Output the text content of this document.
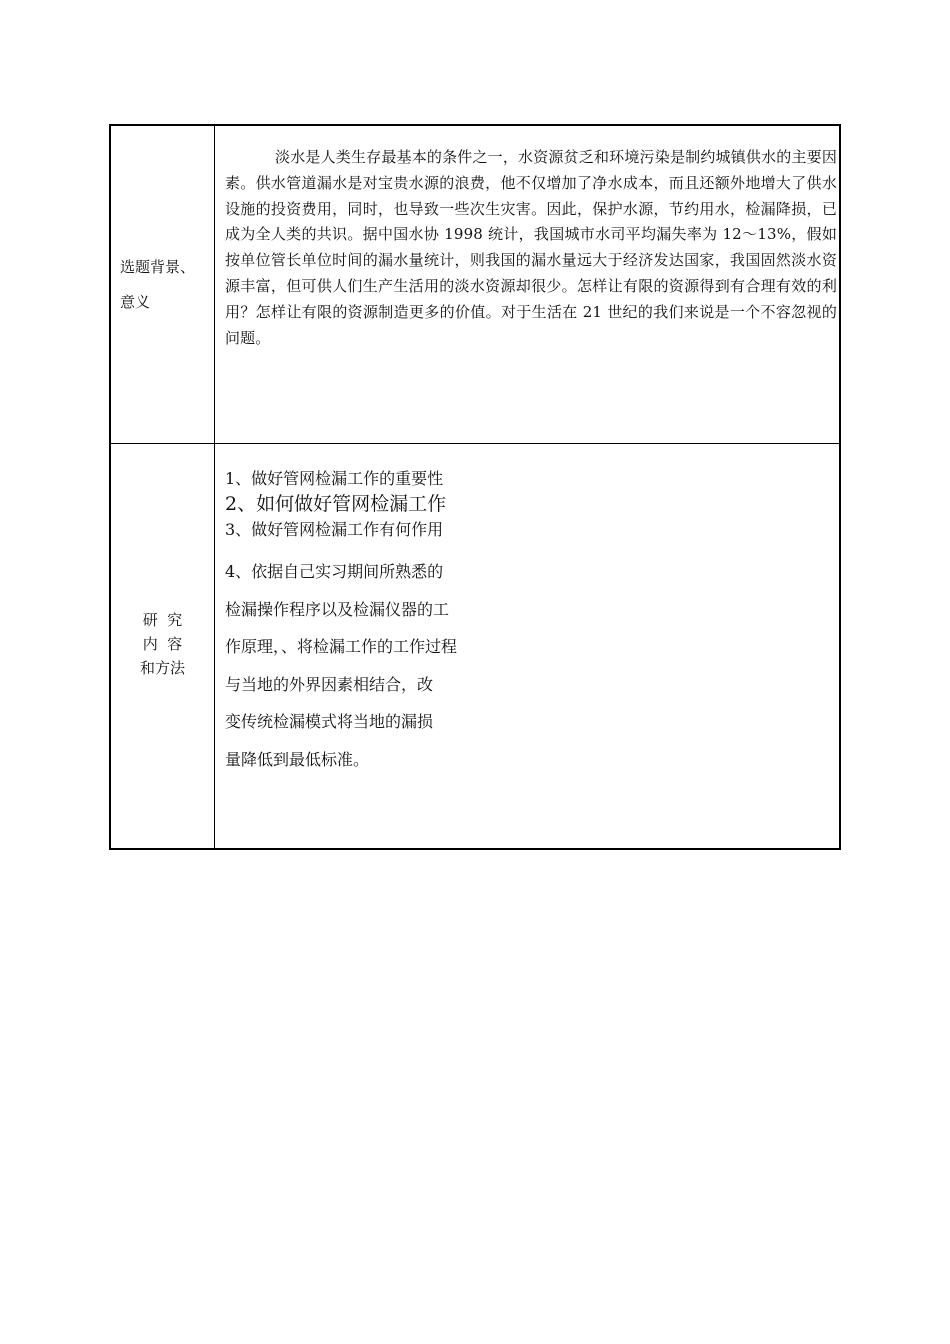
选题背景、
意义

淡水是人类生存最基本的条件之一，水资源贫乏和环境污染是制约城镇供水的主要因素。供水管道漏水是对宝贵水源的浪费，他不仅增加了净水成本，而且还额外地增大了供水设施的投资费用，同时，也导致一些次生灾害。因此，保护水源，节约用水，检漏降损，已成为全人类的共识。据中国水协 1998 统计，我国城市水司平均漏失率为 12～13%，假如按单位管长单位时间的漏水量统计，则我国的漏水量远大于经济发达国家，我国固然淡水资源丰富，但可供人们生产生活用的淡水资源却很少。怎样让有限的资源得到有合理有效的利用？怎样让有限的资源制造更多的价值。对于生活在 21 世纪的我们来说是一个不容忽视的问题。

研  究
内  容
和方法
1、做好管网检漏工作的重要性
2、如何做好管网检漏工作
3、做好管网检漏工作有何作用
4、依据自己实习期间所熟悉的
检漏操作程序以及检漏仪器的工
作原理，、将检漏工作的工作过程
与当地的外界因素相结合，改
变传统检漏模式将当地的漏损
量降低到最低标准。
